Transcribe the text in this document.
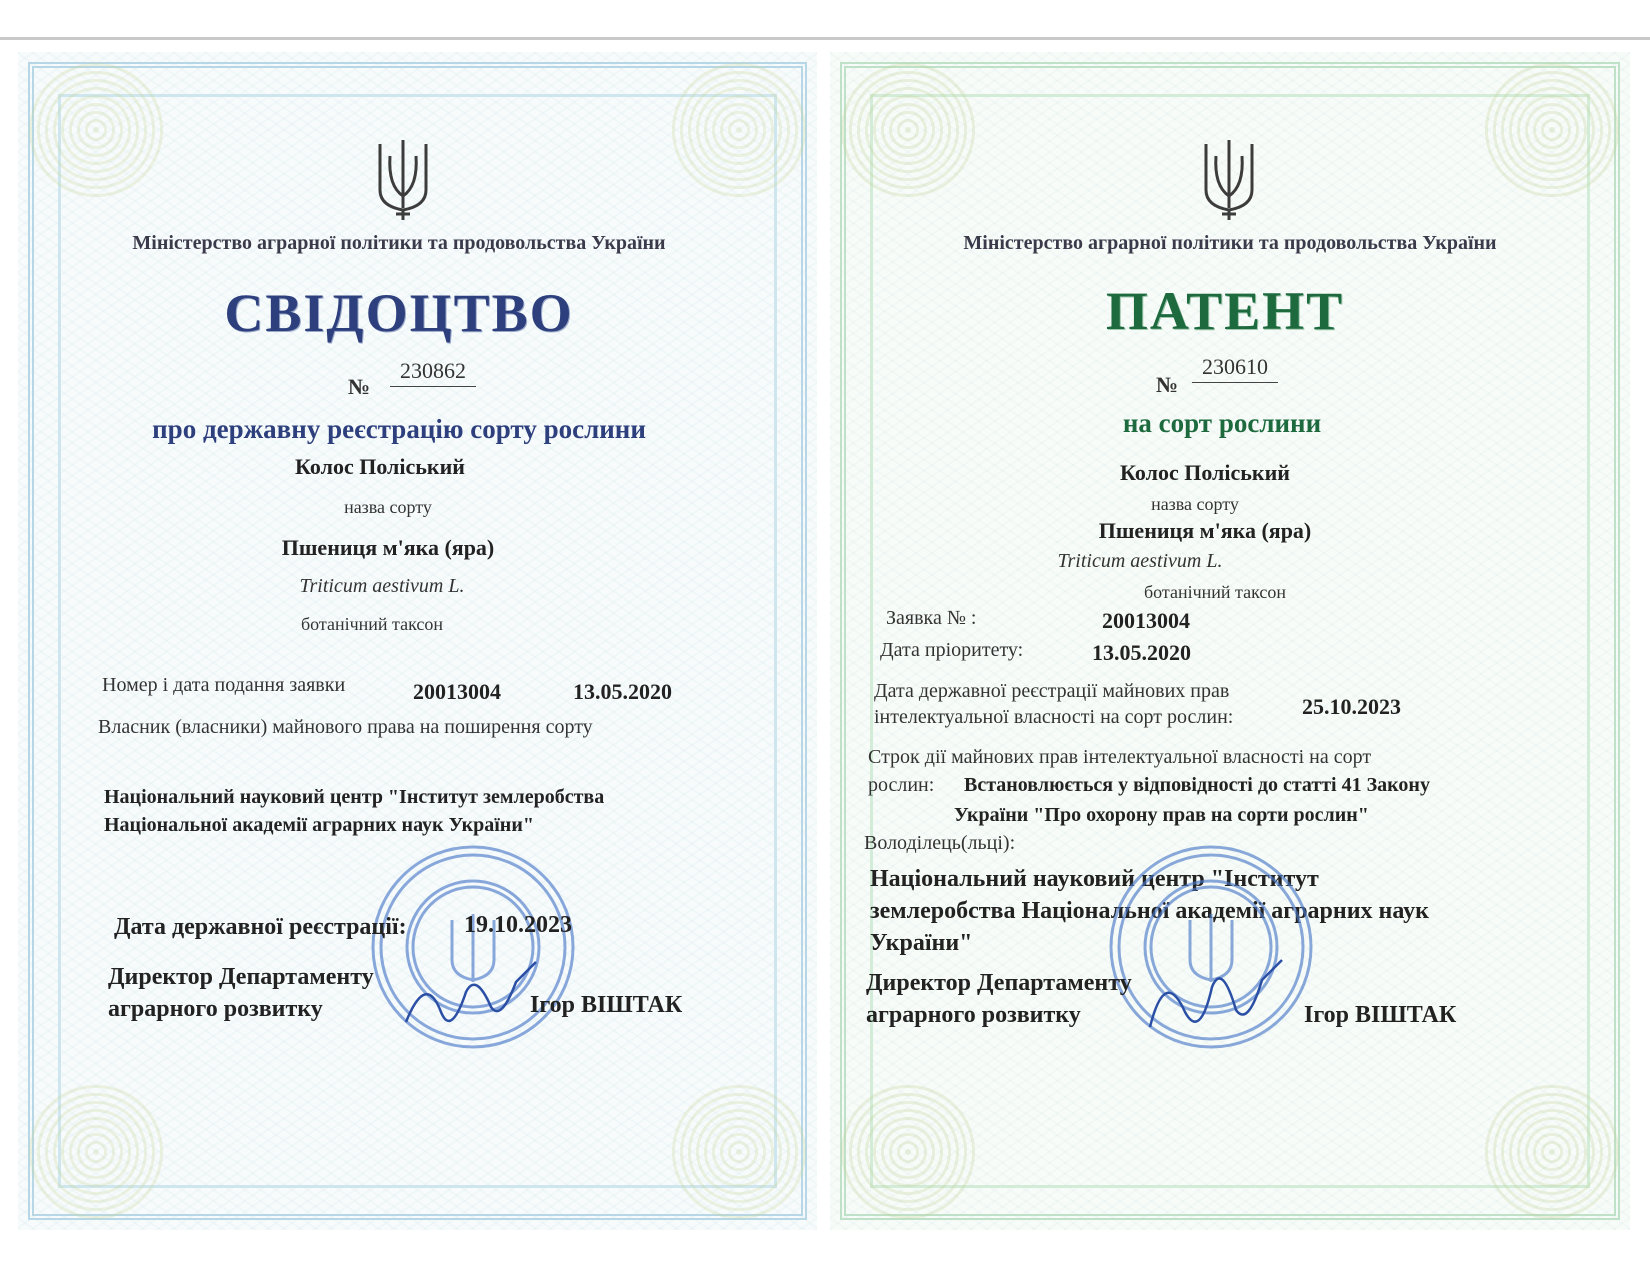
Міністерство аграрної політики та продовольства України
СВІДОЦТВО
№
230862
про державну реєстрацію сорту рослини
Колос Поліський
назва сорту
Пшениця м'яка (яра)
Triticum aestivum L.
ботанічний таксон
Номер і дата подання заявки	20013004	13.05.2020
Власник (власники) майнового права на поширення сорту
Національний науковий центр "Інститут землеробства
Національної академії аграрних наук України"
Дата державної реєстрації: 19.10.2023
Директор Департаменту
аграрного розвитку	Ігор ВІШТАК
Міністерство аграрної політики та продовольства України
ПАТЕНТ
№
230610
на сорт рослини
Колос Поліський
назва сорту
Пшениця м'яка (яра)
Triticum aestivum L.
ботанічний таксон
Заявка № :	20013004
Дата пріоритету:	13.05.2020
Дата державної реєстрації майнових прав
інтелектуальної власності на сорт рослин:	25.10.2023
Строк дії майнових прав інтелектуальної власності на сорт
рослин: Встановлюється у відповідності до статті 41 Закону
України "Про охорону прав на сорти рослин"
Володілець(льці):
Національний науковий центр "Інститут
землеробства Національної академії аграрних наук
України"
Директор Департаменту
аграрного розвитку	Ігор ВІШТАК
